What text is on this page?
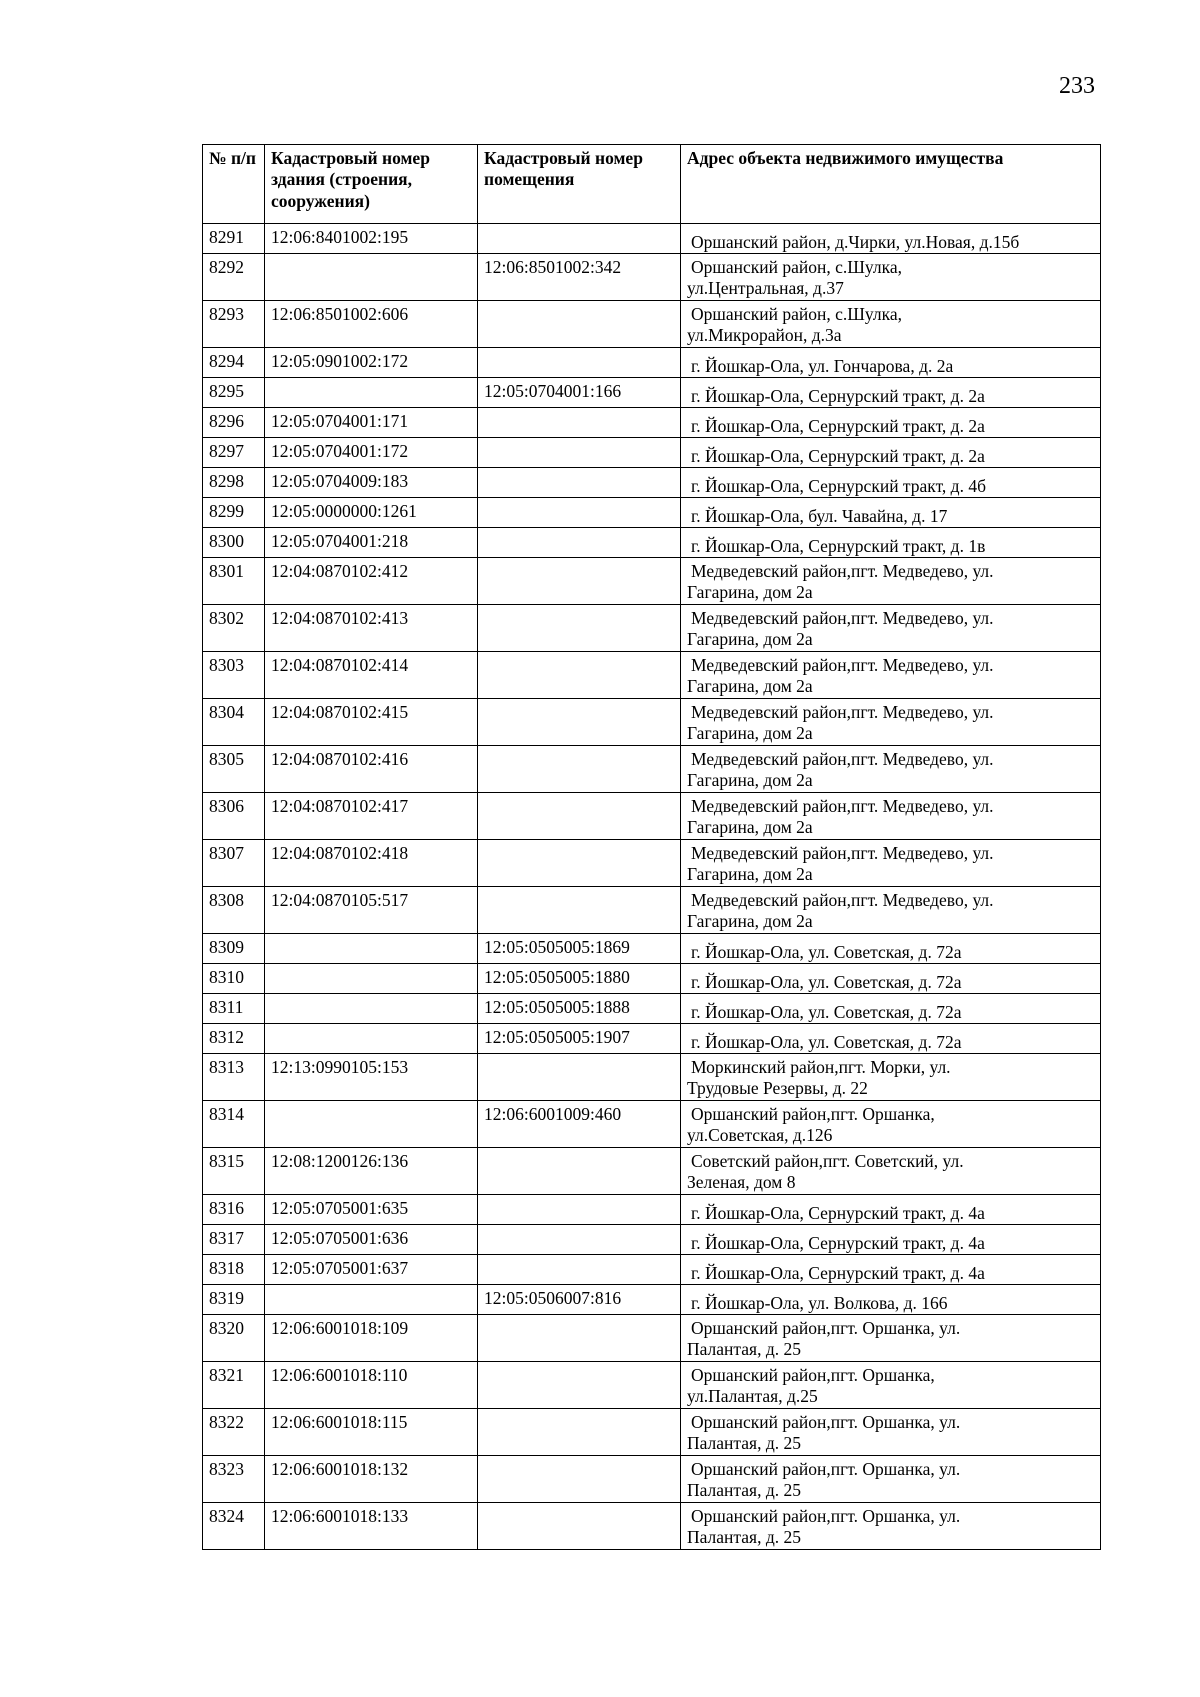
233
№ п/п	Кадастровый номер здания (строения, сооружения)	Кадастровый номер помещения	Адрес объекта недвижимого имущества
8291	12:06:8401002:195		Оршанский район, д.Чирки, ул.Новая, д.15б
8292		12:06:8501002:342	Оршанский район, с.Шулка,
ул.Центральная, д.37

8293	12:06:8501002:606		Оршанский район, с.Шулка,
ул.Микрорайон, д.3а

8294	12:05:0901002:172		г. Йошкар-Ола, ул. Гончарова, д. 2а
8295		12:05:0704001:166	г. Йошкар-Ола, Сернурский тракт, д. 2а
8296	12:05:0704001:171		г. Йошкар-Ола, Сернурский тракт, д. 2а
8297	12:05:0704001:172		г. Йошкар-Ола, Сернурский тракт, д. 2а
8298	12:05:0704009:183		г. Йошкар-Ола, Сернурский тракт, д. 4б
8299	12:05:0000000:1261		г. Йошкар-Ола, бул. Чавайна, д. 17
8300	12:05:0704001:218		г. Йошкар-Ола, Сернурский тракт, д. 1в
8301	12:04:0870102:412		Медведевский район,пгт. Медведево, ул.
Гагарина, дом 2а

8302	12:04:0870102:413		Медведевский район,пгт. Медведево, ул.
Гагарина, дом 2а

8303	12:04:0870102:414		Медведевский район,пгт. Медведево, ул.
Гагарина, дом 2а

8304	12:04:0870102:415		Медведевский район,пгт. Медведево, ул.
Гагарина, дом 2а

8305	12:04:0870102:416		Медведевский район,пгт. Медведево, ул.
Гагарина, дом 2а

8306	12:04:0870102:417		Медведевский район,пгт. Медведево, ул.
Гагарина, дом 2а

8307	12:04:0870102:418		Медведевский район,пгт. Медведево, ул.
Гагарина, дом 2а

8308	12:04:0870105:517		Медведевский район,пгт. Медведево, ул.
Гагарина, дом 2а

8309		12:05:0505005:1869	г. Йошкар-Ола, ул. Советская, д. 72а
8310		12:05:0505005:1880	г. Йошкар-Ола, ул. Советская, д. 72а
8311		12:05:0505005:1888	г. Йошкар-Ола, ул. Советская, д. 72а
8312		12:05:0505005:1907	г. Йошкар-Ола, ул. Советская, д. 72а
8313	12:13:0990105:153		Моркинский район,пгт. Морки, ул.
Трудовые Резервы, д. 22

8314		12:06:6001009:460	Оршанский район,пгт. Оршанка,
ул.Советская, д.126

8315	12:08:1200126:136		Советский район,пгт. Советский, ул.
Зеленая, дом 8

8316	12:05:0705001:635		г. Йошкар-Ола, Сернурский тракт, д. 4а
8317	12:05:0705001:636		г. Йошкар-Ола, Сернурский тракт, д. 4а
8318	12:05:0705001:637		г. Йошкар-Ола, Сернурский тракт, д. 4а
8319		12:05:0506007:816	г. Йошкар-Ола, ул. Волкова, д. 166
8320	12:06:6001018:109		Оршанский район,пгт. Оршанка, ул.
Палантая, д. 25

8321	12:06:6001018:110		Оршанский район,пгт. Оршанка,
ул.Палантая, д.25

8322	12:06:6001018:115		Оршанский район,пгт. Оршанка, ул.
Палантая, д. 25

8323	12:06:6001018:132		Оршанский район,пгт. Оршанка, ул.
Палантая, д. 25

8324	12:06:6001018:133		Оршанский район,пгт. Оршанка, ул.
Палантая, д. 25
